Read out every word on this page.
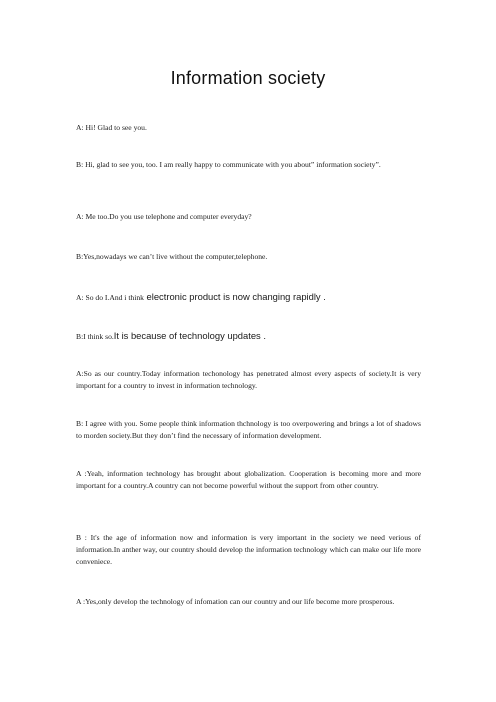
Information society
A: Hi! Glad to see you.
B: Hi, glad to see you, too. I am really happy to communicate with you about” information society”.
A: Me too.Do you use telephone and computer everyday?
B:Yes,nowadays we can’t live without the computer,telephone.
A: So do I.And i think electronic product is now changing rapidly .
B:I think so.It is because of technology updates .
A:So as our country.Today information techonology has penetrated almost every aspects of society.It is very important for a country to invest in information technology.
B: I agree with you. Some people think information thchnology is too overpowering and brings a lot of shadows to morden society.But they don’t find the necessary of information development.
A :Yeah, information technology has brought about globalization. Cooperation is becoming more and more important for a country.A country can not become powerful without the support from other country.
B : It's the age of information now and information is very important in the society we need verious of information.In anther way, our country should develop the information technology which can make our life more conveniece.
A :Yes,only develop the technology of infomation can our country and our life become more prosperous.
